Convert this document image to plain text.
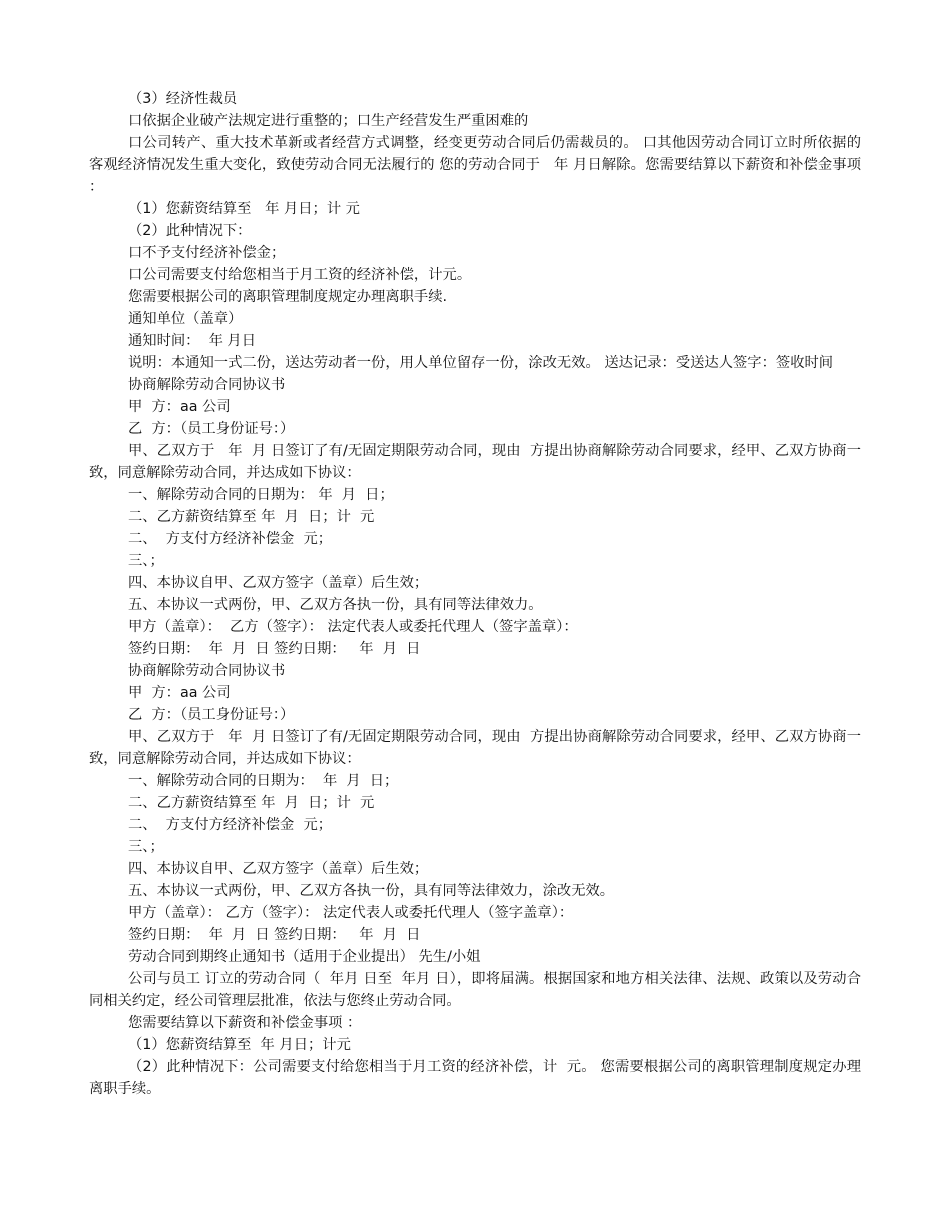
（3）经济性裁员

口依据企业破产法规定进行重整的；口生产经营发生严重困难的

口公司转产、重大技术革新或者经营方式调整，经变更劳动合同后仍需裁员的。 口其他因劳动合同订立时所依据的客观经济情况发生重大变化，致使劳动合同无法履行的 您的劳动合同于   年 月日解除。您需要结算以下薪资和补偿金事项 ：

（1）您薪资结算至   年 月日；计 元

（2）此种情况下：

口不予支付经济补偿金；

口公司需要支付给您相当于月工资的经济补偿，计元。

您需要根据公司的离职管理制度规定办理离职手续.

通知单位（盖章）

通知时间：  年 月日

说明：本通知一式二份，送达劳动者一份，用人单位留存一份，涂改无效。 送达记录：受送达人签字：签收时间

协商解除劳动合同协议书

甲  方：aa 公司

乙  方：（员工身份证号：）

甲、乙双方于   年  月 日签订了有/无固定期限劳动合同，现由  方提出协商解除劳动合同要求，经甲、乙双方协商一致，同意解除劳动合同，并达成如下协议：

一、解除劳动合同的日期为： 年  月  日；

二、乙方薪资结算至 年  月  日；计  元

二、  方支付方经济补偿金  元；

三、；

四、本协议自甲、乙双方签字（盖章）后生效；

五、本协议一式两份，甲、乙双方各执一份，具有同等法律效力。

甲方（盖章）：  乙方（签字）： 法定代表人或委托代理人（签字盖章）：

签约日期：  年  月  日 签约日期：   年  月  日

协商解除劳动合同协议书

甲  方：aa 公司

乙  方：（员工身份证号：）

甲、乙双方于   年  月 日签订了有/无固定期限劳动合同，现由  方提出协商解除劳动合同要求，经甲、乙双方协商一致，同意解除劳动合同，并达成如下协议：

一、解除劳动合同的日期为：  年  月  日；

二、乙方薪资结算至 年  月  日；计  元

二、  方支付方经济补偿金  元；

三、；

四、本协议自甲、乙双方签字（盖章）后生效；

五、本协议一式两份，甲、乙双方各执一份，具有同等法律效力，涂改无效。

甲方（盖章）： 乙方（签字）： 法定代表人或委托代理人（签字盖章）：

签约日期：  年  月  日 签约日期：   年  月  日

劳动合同到期终止通知书（适用于企业提出） 先生/小姐

公司与员工 订立的劳动合同（  年月 日至  年月 日），即将届满。根据国家和地方相关法律、法规、政策以及劳动合同相关约定，经公司管理层批准，依法与您终止劳动合同。

您需要结算以下薪资和补偿金事项 ：

（1）您薪资结算至  年 月日；计元

（2）此种情况下：公司需要支付给您相当于月工资的经济补偿，计  元。 您需要根据公司的离职管理制度规定办理离职手续。
